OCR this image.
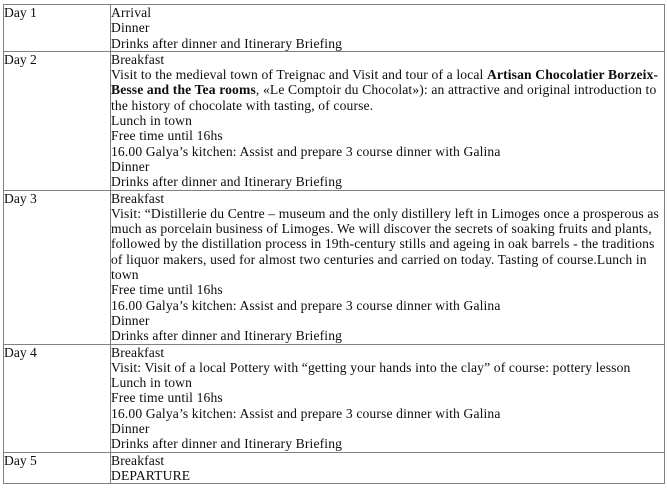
Day 1	Arrival
Dinner
Drinks after dinner and Itinerary Briefing

Day 2	Breakfast
Visit to the medieval town of Treignac and Visit and tour of a local Artisan Chocolatier Borzeix-Besse and the Tea rooms, «Le Comptoir du Chocolat»): an attractive and original introduction to the history of chocolate with tasting, of course.
Lunch in town
Free time until 16hs
16.00 Galya’s kitchen: Assist and prepare 3 course dinner with Galina
Dinner
Drinks after dinner and Itinerary Briefing

Day 3	Breakfast
Visit: “Distillerie du Centre – museum and the only distillery left in Limoges once a prosperous as much as porcelain business of Limoges. We will discover the secrets of soaking fruits and plants, followed by the distillation process in 19th-century stills and ageing in oak barrels - the traditions of liquor makers, used for almost two centuries and carried on today. Tasting of course.Lunch in town
Free time until 16hs
16.00 Galya’s kitchen: Assist and prepare 3 course dinner with Galina
Dinner
Drinks after dinner and Itinerary Briefing

Day 4	Breakfast
Visit: Visit of a local Pottery with “getting your hands into the clay” of course: pottery lesson
Lunch in town
Free time until 16hs
16.00 Galya’s kitchen: Assist and prepare 3 course dinner with Galina
Dinner
Drinks after dinner and Itinerary Briefing

Day 5	Breakfast
DEPARTURE
